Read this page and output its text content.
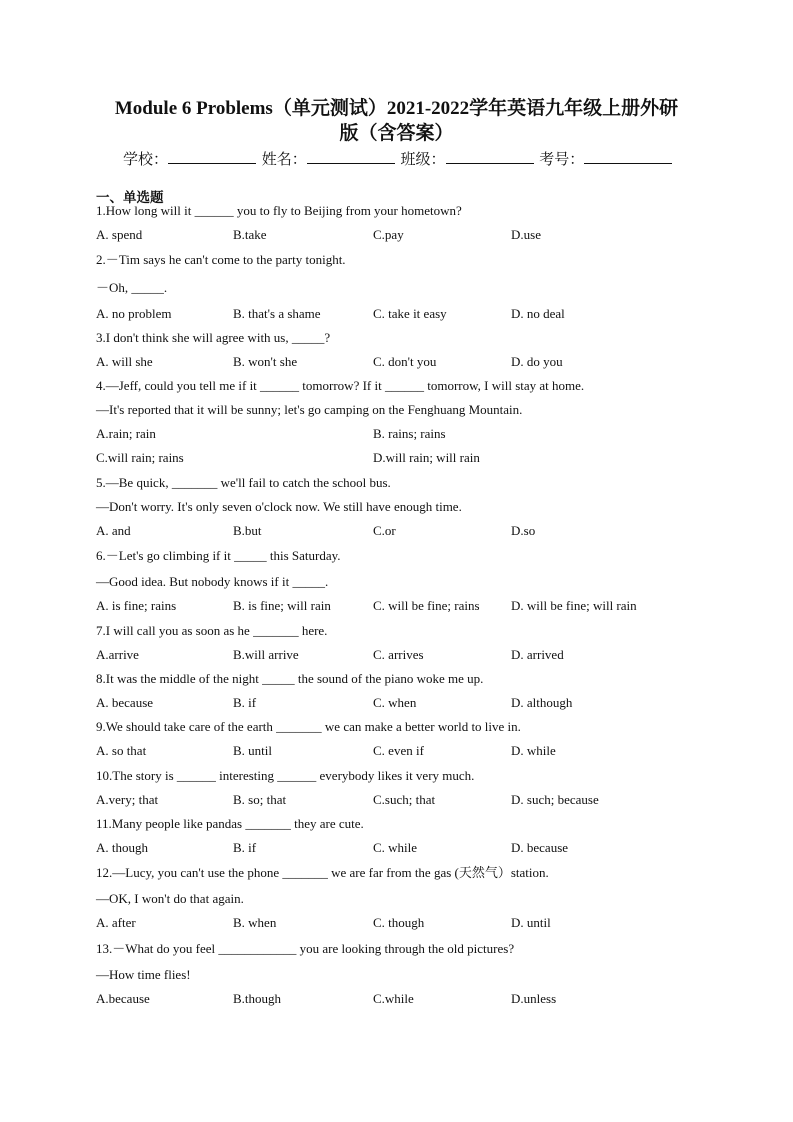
Module 6 Problems（单元测试）2021-2022学年英语九年级上册外研
版（含答案）
学校：	姓名：	班级：	考号：
一、单选题
1.How long will it ______ you to fly to Beijing from your hometown?
A. spend	B.take	C.pay	D.use
2.－Tim says he can't come to the party tonight.
－Oh, _____.
A. no problem	B. that's a shame	C. take it easy	D. no deal
3.I don't think she will agree with us, _____?
A. will she	B. won't she	C. don't you	D. do you
4.—Jeff, could you tell me if it ______ tomorrow? If it ______ tomorrow, I will stay at home.
—It's reported that it will be sunny; let's go camping on the Fenghuang Mountain.
A.rain; rain	B. rains; rains
C.will rain; rains	D.will rain; will rain
5.—Be quick, _______ we'll fail to catch the school bus.
—Don't worry. It's only seven o'clock now. We still have enough time.
A. and	B.but	C.or	D.so
6.－Let's go climbing if it _____ this Saturday.
—Good idea. But nobody knows if it _____.
A. is fine; rains	B. is fine; will rain	C. will be fine; rains D. will be fine; will rain
7.I will call you as soon as he _______ here.
A.arrive	B.will arrive	C. arrives	D. arrived
8.It was the middle of the night _____ the sound of the piano woke me up.
A. because	B. if	C. when	D. although
9.We should take care of the earth _______ we can make a better world to live in.
A. so that	B. until	C. even if	D. while
10.The story is ______ interesting ______ everybody likes it very much.
A.very; that	B. so; that	C.such; that	D. such; because
11.Many people like pandas _______ they are cute.
A. though	B. if	C. while	D. because
12.—Lucy, you can't use the phone _______ we are far from the gas (天然气）station.
—OK, I won't do that again.
A. after	B. when	C. though	D. until
13.－What do you feel ____________ you are looking through the old pictures?
—How time flies!
A.because	B.though	C.while	D.unless
